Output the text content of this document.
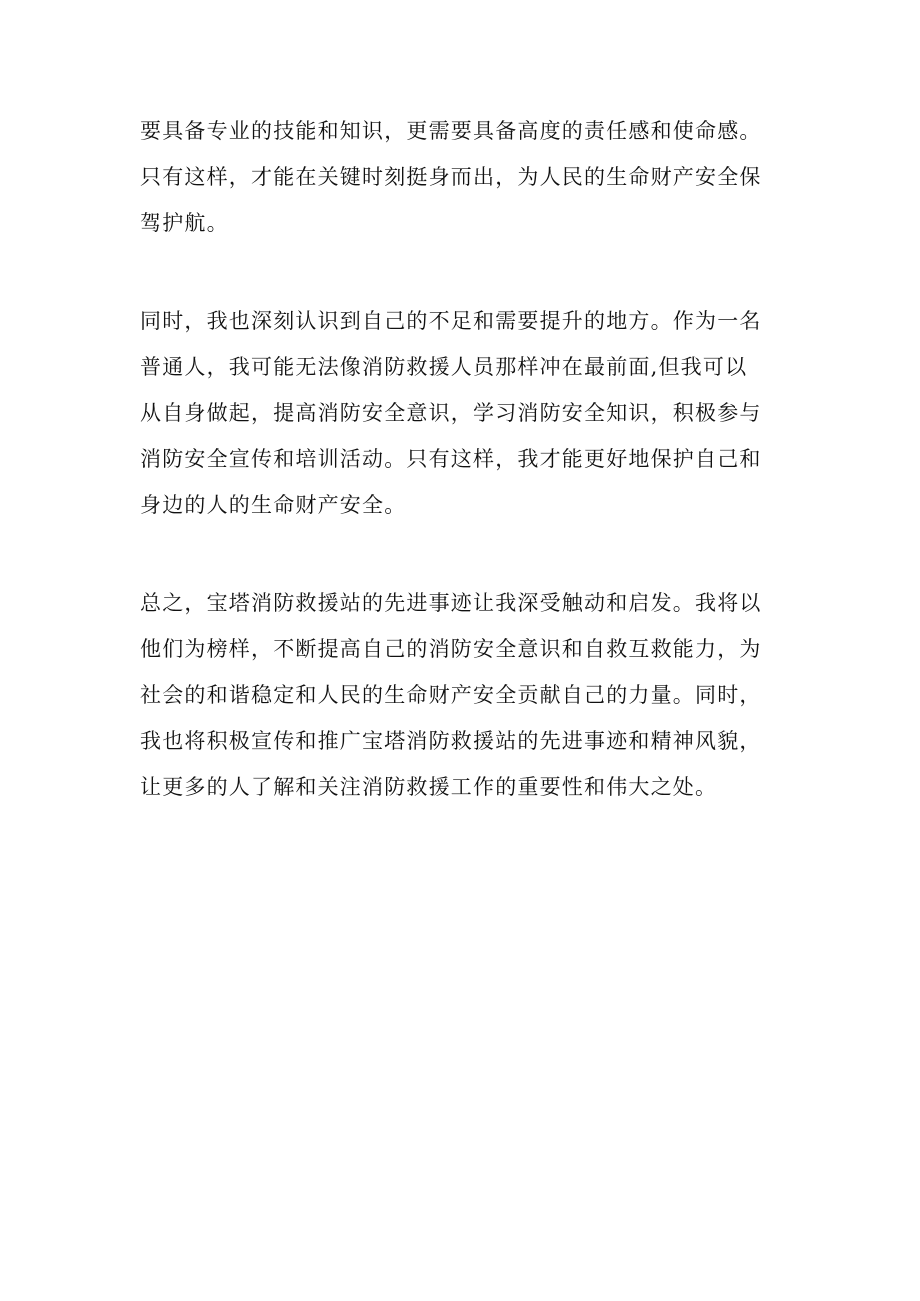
要具备专业的技能和知识，更需要具备高度的责任感和使命感。
只有这样，才能在关键时刻挺身而出，为人民的生命财产安全保
驾护航。
同时，我也深刻认识到自己的不足和需要提升的地方。作为一名
普通人，我可能无法像消防救援人员那样冲在最前面,但我可以
从自身做起，提高消防安全意识，学习消防安全知识，积极参与
消防安全宣传和培训活动。只有这样，我才能更好地保护自己和
身边的人的生命财产安全。
总之，宝塔消防救援站的先进事迹让我深受触动和启发。我将以
他们为榜样，不断提高自己的消防安全意识和自救互救能力，为
社会的和谐稳定和人民的生命财产安全贡献自己的力量。同时，
我也将积极宣传和推广宝塔消防救援站的先进事迹和精神风貌，
让更多的人了解和关注消防救援工作的重要性和伟大之处。
